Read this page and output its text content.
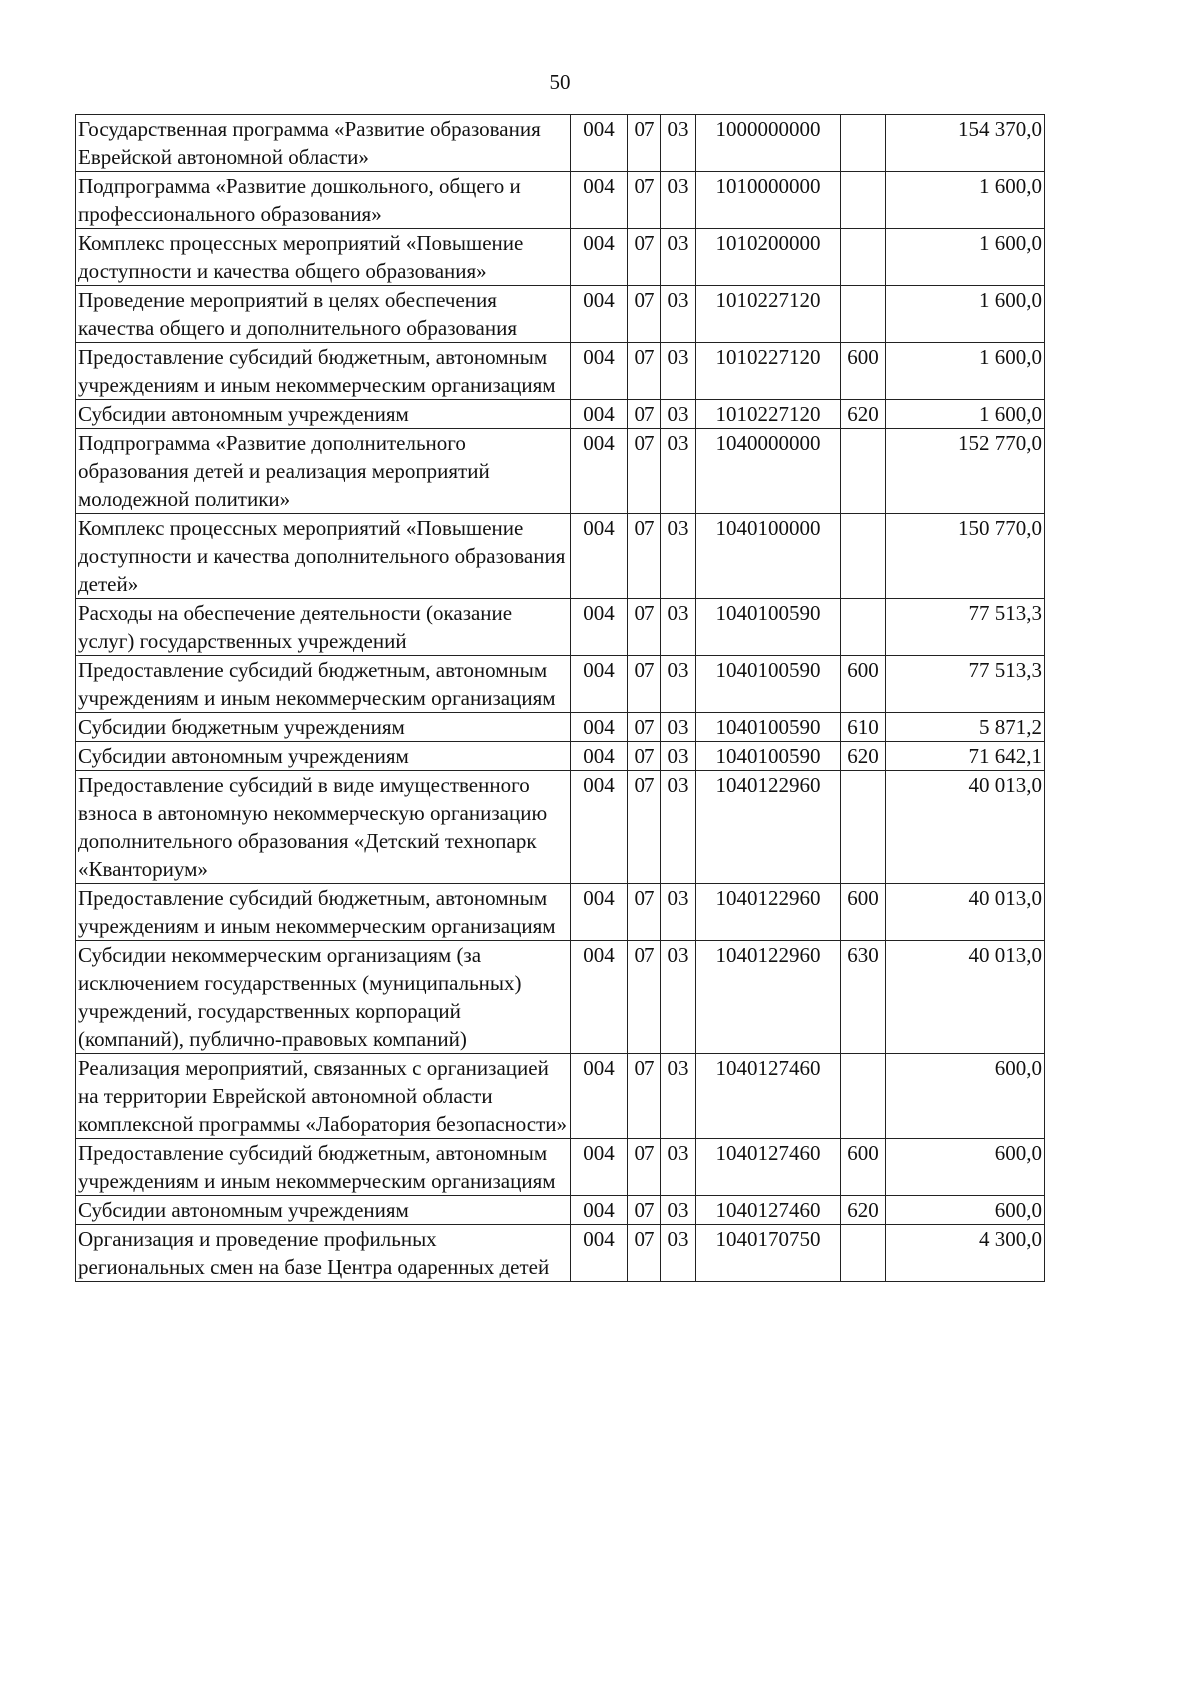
50
Государственная программа «Развитие образования Еврейской автономной области»	004	07	03	1000000000		154 370,0
Подпрограмма «Развитие дошкольного, общего и профессионального образования»	004	07	03	1010000000		1 600,0
Комплекс процессных мероприятий «Повышение доступности и качества общего образования»	004	07	03	1010200000		1 600,0
Проведение мероприятий в целях обеспечения качества общего и дополнительного образования	004	07	03	1010227120		1 600,0
Предоставление субсидий бюджетным, автономным учреждениям и иным некоммерческим организациям	004	07	03	1010227120	600	1 600,0
Субсидии автономным учреждениям	004	07	03	1010227120	620	1 600,0
Подпрограмма «Развитие дополнительного образования детей и реализация мероприятий молодежной политики»	004	07	03	1040000000		152 770,0
Комплекс процессных мероприятий «Повышение доступности и качества дополнительного образования детей»	004	07	03	1040100000		150 770,0
Расходы на обеспечение деятельности (оказание услуг) государственных учреждений	004	07	03	1040100590		77 513,3
Предоставление субсидий бюджетным, автономным учреждениям и иным некоммерческим организациям	004	07	03	1040100590	600	77 513,3
Субсидии бюджетным учреждениям	004	07	03	1040100590	610	5 871,2
Субсидии автономным учреждениям	004	07	03	1040100590	620	71 642,1
Предоставление субсидий в виде имущественного взноса в автономную некоммерческую организацию дополнительного образования «Детский технопарк «Кванториум»	004	07	03	1040122960		40 013,0
Предоставление субсидий бюджетным, автономным учреждениям и иным некоммерческим организациям	004	07	03	1040122960	600	40 013,0
Субсидии некоммерческим организациям (за исключением государственных (муниципальных) учреждений, государственных корпораций (компаний), публично-правовых компаний)	004	07	03	1040122960	630	40 013,0
Реализация мероприятий, связанных с организацией на территории Еврейской автономной области комплексной программы «Лаборатория безопасности»	004	07	03	1040127460		600,0
Предоставление субсидий бюджетным, автономным учреждениям и иным некоммерческим организациям	004	07	03	1040127460	600	600,0
Субсидии автономным учреждениям	004	07	03	1040127460	620	600,0
Организация и проведение профильных региональных смен на базе Центра одаренных детей	004	07	03	1040170750		4 300,0
